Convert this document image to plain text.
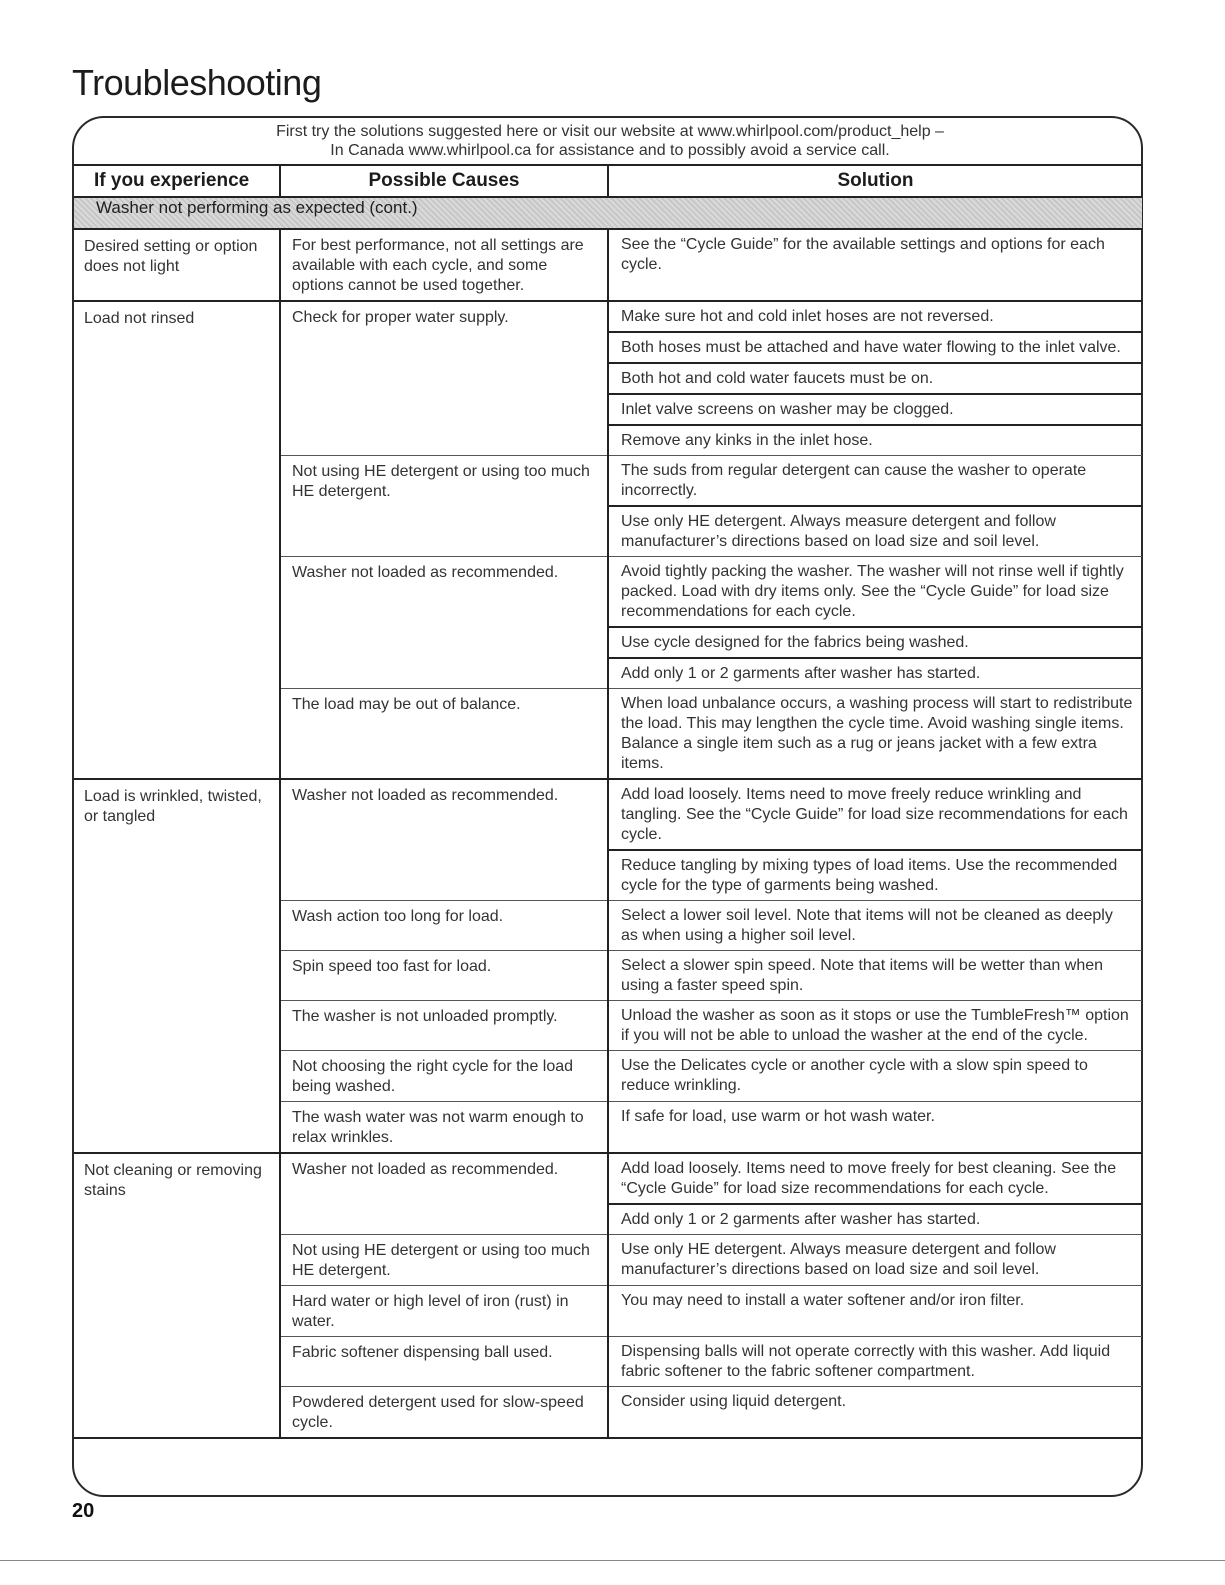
Troubleshooting
First try the solutions suggested here or visit our website at www.whirlpool.com/product_help –
In Canada www.whirlpool.ca for assistance and to possibly avoid a service call.
If you experience	Possible Causes	Solution
Washer not performing as expected (cont.)		
Desired setting or option does not light	For best performance, not all settings are available with each cycle, and some options cannot be used together.	See the “Cycle Guide” for the available settings and options for each cycle.

Load not rinsed	Check for proper water supply.	Make sure hot and cold inlet hoses are not reversed.
Both hoses must be attached and have water flowing to the inlet valve.
Both hot and cold water faucets must be on.
Inlet valve screens on washer may be clogged.
Remove any kinks in the inlet hose.

	Not using HE detergent or using too much HE detergent.	The suds from regular detergent can cause the washer to operate incorrectly.
Use only HE detergent. Always measure detergent and follow manufacturer’s directions based on load size and soil level.

	Washer not loaded as recommended.	Avoid tightly packing the washer. The washer will not rinse well if tightly packed. Load with dry items only. See the “Cycle Guide” for load size recommendations for each cycle.
Use cycle designed for the fabrics being washed.
Add only 1 or 2 garments after washer has started.

	The load may be out of balance.	When load unbalance occurs, a washing process will start to redistribute the load. This may lengthen the cycle time. Avoid washing single items. Balance a single item such as a rug or jeans jacket with a few extra items.

Load is wrinkled, twisted, or tangled	Washer not loaded as recommended.	Add load loosely. Items need to move freely reduce wrinkling and tangling. See the “Cycle Guide” for load size recommendations for each cycle.
Reduce tangling by mixing types of load items. Use the recommended cycle for the type of garments being washed.

	Wash action too long for load.	Select a lower soil level. Note that items will not be cleaned as deeply as when using a higher soil level.

	Spin speed too fast for load.	Select a slower spin speed. Note that items will be wetter than when using a faster speed spin.

	The washer is not unloaded promptly.	Unload the washer as soon as it stops or use the TumbleFresh™ option if you will not be able to unload the washer at the end of the cycle.

	Not choosing the right cycle for the load being washed.	Use the Delicates cycle or another cycle with a slow spin speed to reduce wrinkling.

	The wash water was not warm enough to relax wrinkles.	If safe for load, use warm or hot wash water.

Not cleaning or removing stains	Washer not loaded as recommended.	Add load loosely. Items need to move freely for best cleaning. See the “Cycle Guide” for load size recommendations for each cycle.
Add only 1 or 2 garments after washer has started.

	Not using HE detergent or using too much HE detergent.	Use only HE detergent. Always measure detergent and follow manufacturer’s directions based on load size and soil level.

	Hard water or high level of iron (rust) in water.	You may need to install a water softener and/or iron filter.

	Fabric softener dispensing ball used.	Dispensing balls will not operate correctly with this washer. Add liquid fabric softener to the fabric softener compartment.

	Powdered detergent used for slow-speed cycle.	Consider using liquid detergent.
20
